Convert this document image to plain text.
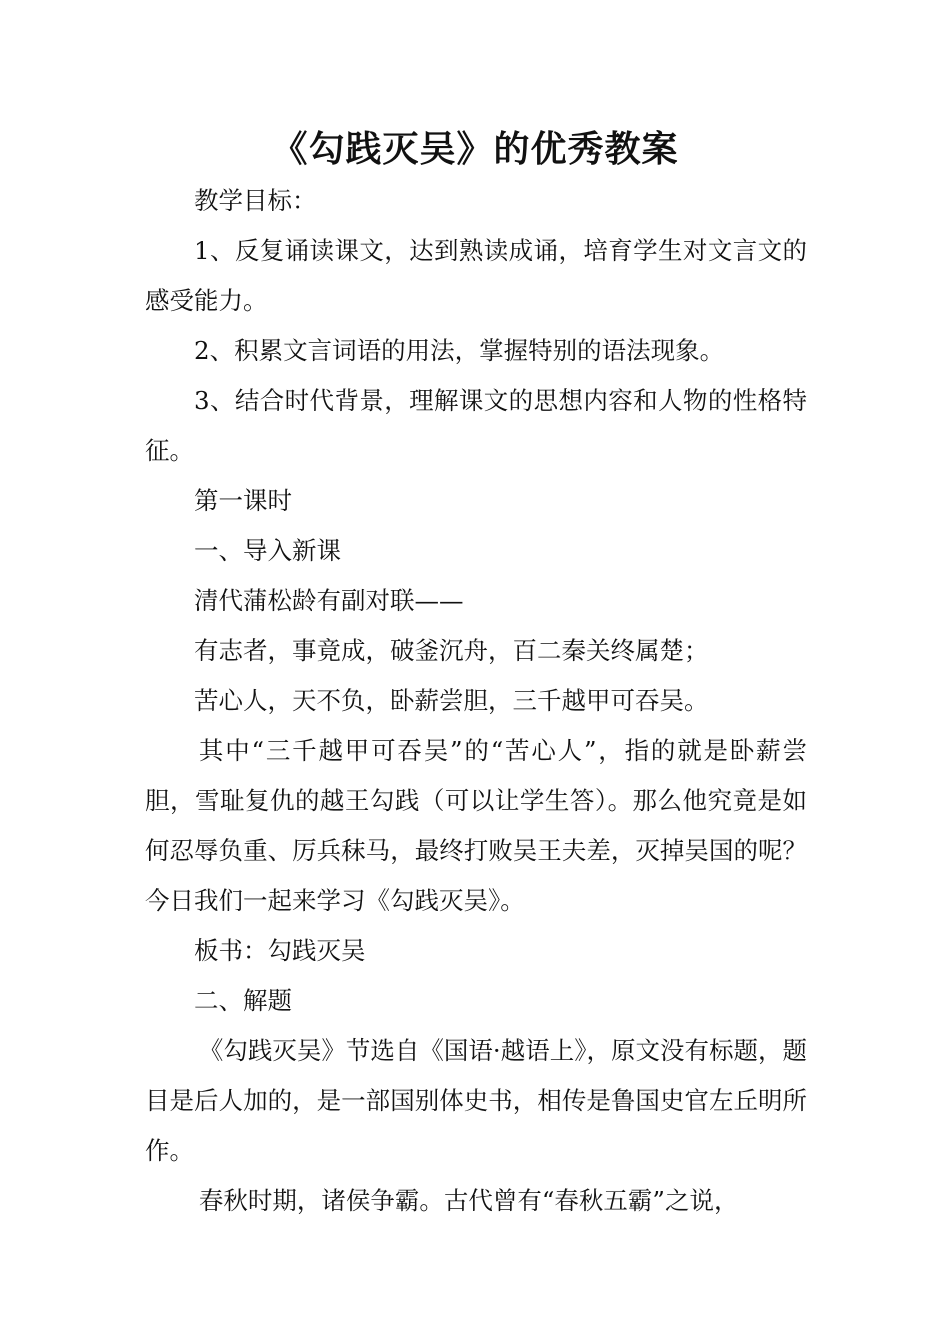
《勾践灭吴》的优秀教案

教学目标：

1、反复诵读课文，达到熟读成诵，培育学生对文言文的感受能力。

2、积累文言词语的用法，掌握特别的语法现象。

3、结合时代背景，理解课文的思想内容和人物的性格特征。

第一课时

一、导入新课

清代蒲松龄有副对联——

有志者，事竟成，破釜沉舟，百二秦关终属楚；

苦心人，天不负，卧薪尝胆，三千越甲可吞吴。

其中“三千越甲可吞吴”的“苦心人”，指的就是卧薪尝胆，雪耻复仇的越王勾践（可以让学生答）。那么他究竟是如何忍辱负重、厉兵秣马，最终打败吴王夫差，灭掉吴国的呢？今日我们一起来学习《勾践灭吴》。

板书：勾践灭吴

二、解题

《勾践灭吴》节选自《国语·越语上》，原文没有标题，题目是后人加的，是一部国别体史书，相传是鲁国史官左丘明所作。

春秋时期，诸侯争霸。古代曾有“春秋五霸”之说，
